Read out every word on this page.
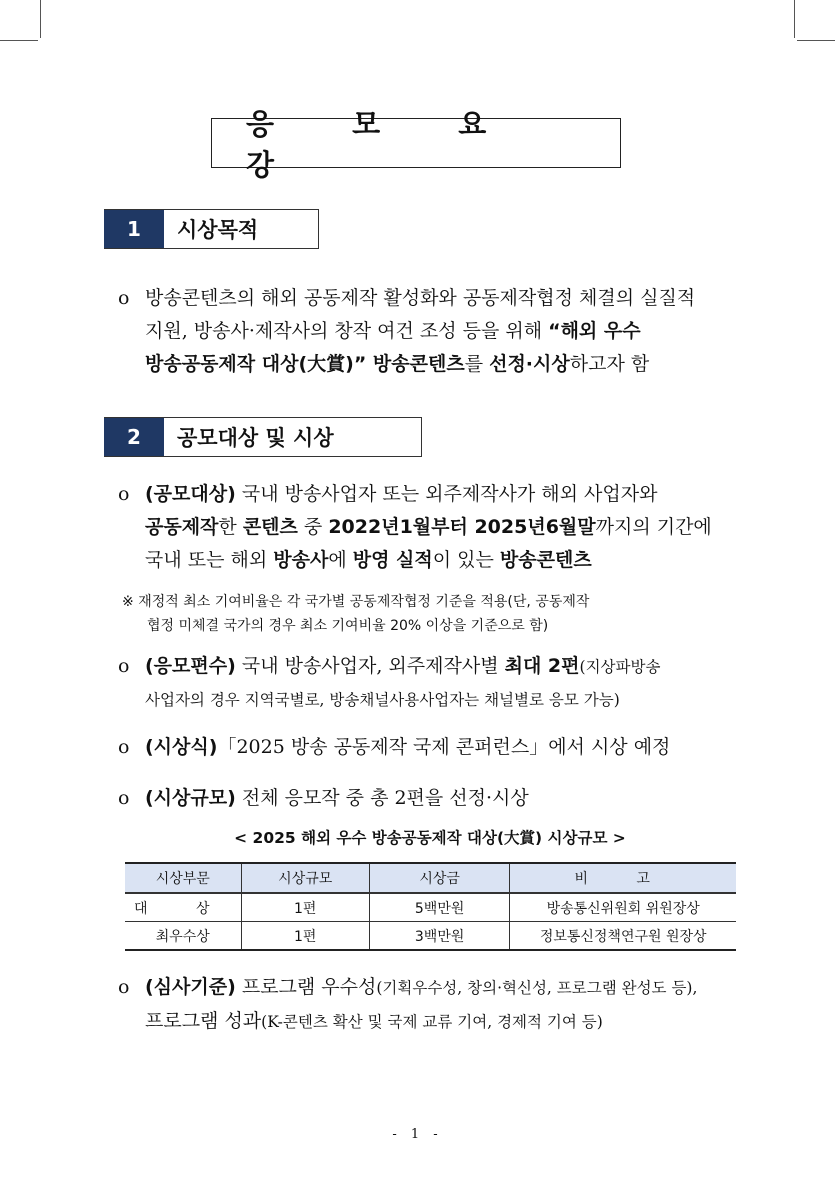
응 모 요 강
1	시상목적
o 방송콘텐츠의 해외 공동제작 활성화와 공동제작협정 체결의 실질적
지원, 방송사·제작사의 창작 여건 조성 등을 위해 “해외 우수
방송공동제작 대상(大賞)” 방송콘텐츠를 선정·시상하고자 함
2	공모대상 및 시상
o (공모대상) 국내 방송사업자 또는 외주제작사가 해외 사업자와
공동제작한 콘텐츠 중 2022년1월부터 2025년6월말까지의 기간에
국내 또는 해외 방송사에 방영 실적이 있는 방송콘텐츠
※ 재정적 최소 기여비율은 각 국가별 공동제작협정 기준을 적용(단, 공동제작
협정 미체결 국가의 경우 최소 기여비율 20% 이상을 기준으로 함)
o (응모편수) 국내 방송사업자, 외주제작사별 최대 2편(지상파방송
사업자의 경우 지역국별로, 방송채널사용사업자는 채널별로 응모 가능)
o (시상식)「2025 방송 공동제작 국제 콘퍼런스」에서 시상 예정
o (시상규모) 전체 응모작 중 총 2편을 선정·시상
< 2025 해외 우수 방송공동제작 대상(大賞) 시상규모 >
시상부문	시상규모	시상금	비 고
대 상	1편	5백만원	방송통신위원회 위원장상
최우수상	1편	3백만원	정보통신정책연구원 원장상
o (심사기준) 프로그램 우수성(기획우수성, 창의·혁신성, 프로그램 완성도 등),
프로그램 성과(K-콘텐츠 확산 및 국제 교류 기여, 경제적 기여 등)
- 1 -
